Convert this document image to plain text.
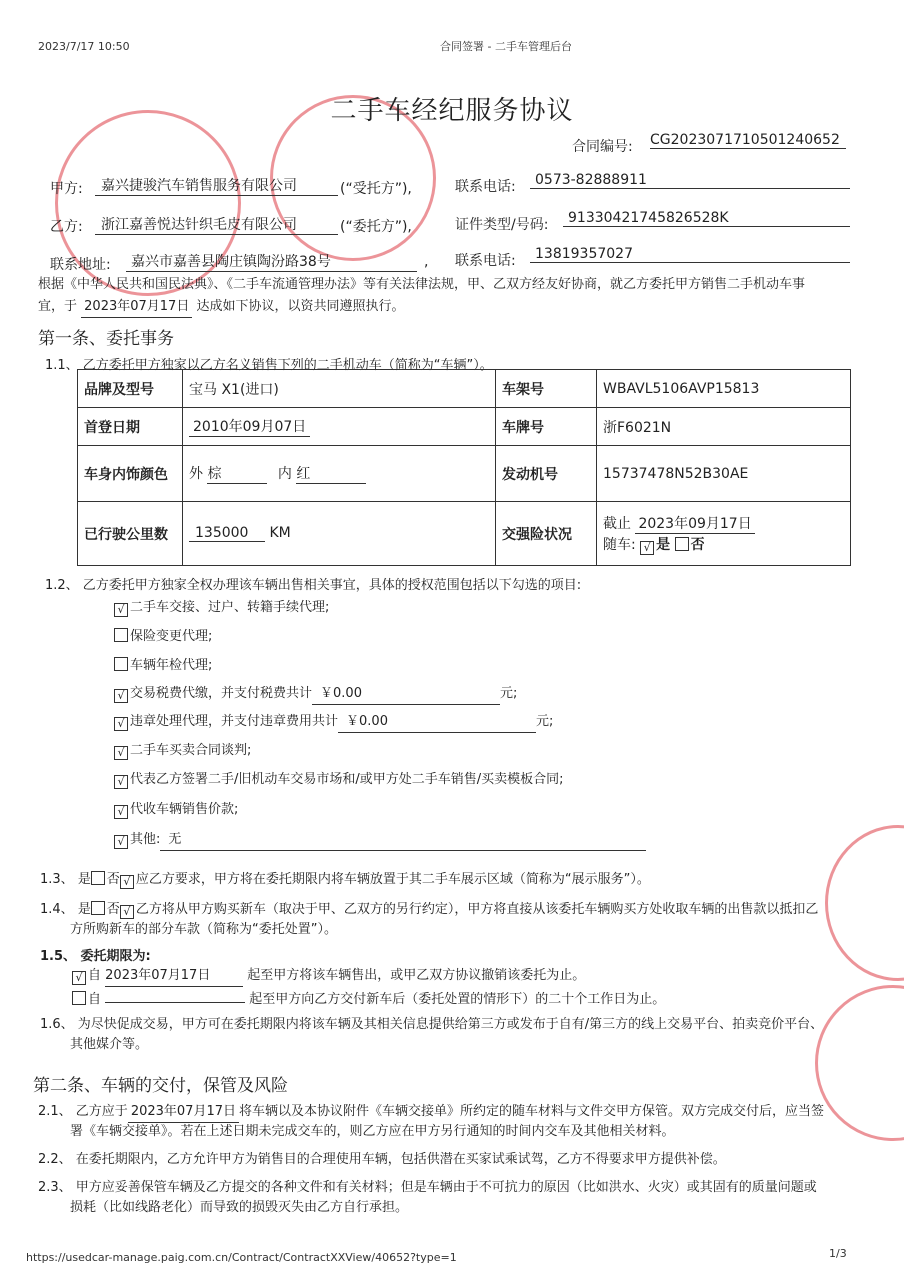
2023/7/17 10:50	合同签署 - 二手车管理后台
二手车经纪服务协议
合同编号: CG2023071710501240652
甲方:	嘉兴捷骏汽车销售服务有限公司	(“受托方”),	联系电话:	0573-82888911
乙方:	浙江嘉善悦达针织毛皮有限公司	(“委托方”),	证件类型/号码:	91330421745826528K
联系地址:	嘉兴市嘉善县陶庄镇陶汾路38号	, 联系电话:	13819357027
根据《中华人民共和国民法典》、《二手车流通管理办法》等有关法律法规，甲、乙双方经友好协商，就乙方委托甲方销售二手机动车事
宜，于 2023年07月17日 达成如下协议，以资共同遵照执行。
第一条、委托事务
1.1、 乙方委托甲方独家以乙方名义销售下列的二手机动车（简称为“车辆”）。
品牌及型号	宝马 X1(进口)	车架号	WBAVL5106AVP15813
首登日期	2010年09月07日	车牌号	浙F6021N
车身内饰颜色	外 棕 内 红	发动机号	15737478N52B30AE
已行驶公里数	135000 KM	交强险状况	截止 2023年09月17日
随车: √ 是 否
1.2、 乙方委托甲方独家全权办理该车辆出售相关事宜，具体的授权范围包括以下勾选的项目:
√ 二手车交接、过户、转籍手续代理;
保险变更代理;
车辆年检代理;
√ 交易税费代缴，并支付税费共计 ￥0.00	元;
√ 违章处理代理，并支付违章费用共计 ￥0.00	元;
√ 二手车买卖合同谈判;
√ 代表乙方签署二手/旧机动车交易市场和/或甲方处二手车销售/买卖模板合同;
√ 代收车辆销售价款;
√ 其他: 无
1.3、 是 否 √ 应乙方要求，甲方将在委托期限内将车辆放置于其二手车展示区域（简称为“展示服务”）。
1.4、 是 否 √ 乙方将从甲方购买新车（取决于甲、乙双方的另行约定），甲方将直接从该委托车辆购买方处收取车辆的出售款以抵扣乙
方所购新车的部分车款（简称为“委托处置”）。
1.5、 委托期限为:
√ 自 2023年07月17日	起至甲方将该车辆售出，或甲乙双方协议撤销该委托为止。
自	起至甲方向乙方交付新车后（委托处置的情形下）的二十个工作日为止。
1.6、 为尽快促成交易，甲方可在委托期限内将该车辆及其相关信息提供给第三方或发布于自有/第三方的线上交易平台、拍卖竞价平台、
其他媒介等。
第二条、车辆的交付，保管及风险
2.1、 乙方应于 2023年07月17日 将车辆以及本协议附件《车辆交接单》所约定的随车材料与文件交甲方保管。双方完成交付后，应当签
署《车辆交接单》。若在上述日期未完成交车的，则乙方应在甲方另行通知的时间内交车及其他相关材料。
2.2、 在委托期限内，乙方允许甲方为销售目的合理使用车辆，包括供潜在买家试乘试驾，乙方不得要求甲方提供补偿。
2.3、 甲方应妥善保管车辆及乙方提交的各种文件和有关材料；但是车辆由于不可抗力的原因（比如洪水、火灾）或其固有的质量问题或
损耗（比如线路老化）而导致的损毁灭失由乙方自行承担。
https://usedcar-manage.paig.com.cn/Contract/ContractXXView/40652?type=1	1/3
